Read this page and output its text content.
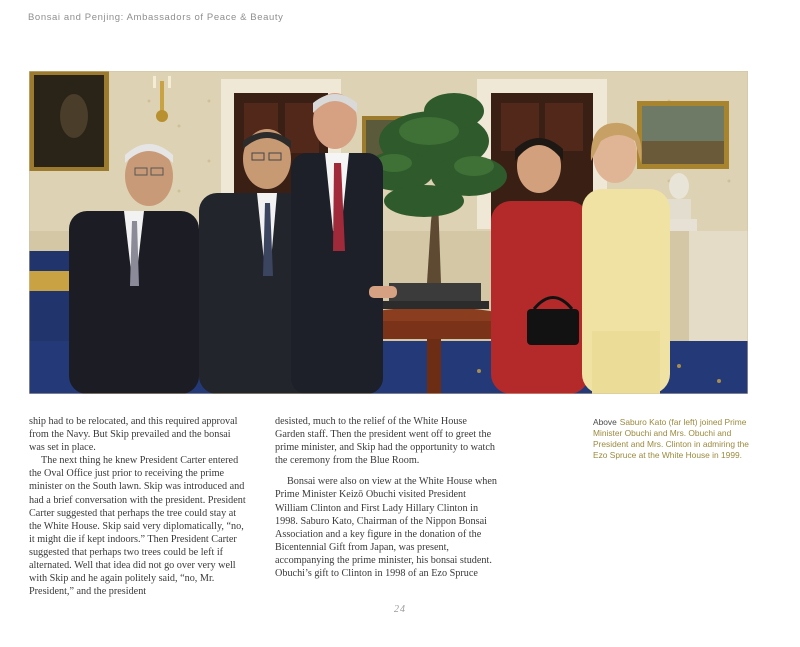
Bonsai and Penjing: Ambassadors of Peace & Beauty

ship had to be relocated, and this required approval from the Navy. But Skip prevailed and the bonsai was set in place.

The next thing he knew President Carter entered the Oval Office just prior to receiving the prime minister on the South lawn. Skip was introduced and had a brief conversation with the president. President Carter suggested that perhaps the tree could stay at the White House. Skip said very diplomatically, “no, it might die if kept indoors.” Then President Carter suggested that perhaps two trees could be left if alternated. Well that idea did not go over very well with Skip and he again politely said, “no, Mr. President,” and the president

desisted, much to the relief of the White House Garden staff. Then the president went off to greet the prime minister, and Skip had the opportunity to watch the ceremony from the Blue Room.

Bonsai were also on view at the White House when Prime Minister Keizō Obuchi visited President William Clinton and First Lady Hillary Clinton in 1998. Saburo Kato, Chairman of the Nippon Bonsai Association and a key figure in the donation of the Bicentennial Gift from Japan, was present, accompanying the prime minister, his bonsai student. Obuchi’s gift to Clinton in 1998 of an Ezo Spruce

Above Saburo Kato (far left) joined Prime Minister Obuchi and Mrs. Obuchi and President and Mrs. Clinton in admiring the Ezo Spruce at the White House in 1999.
24
